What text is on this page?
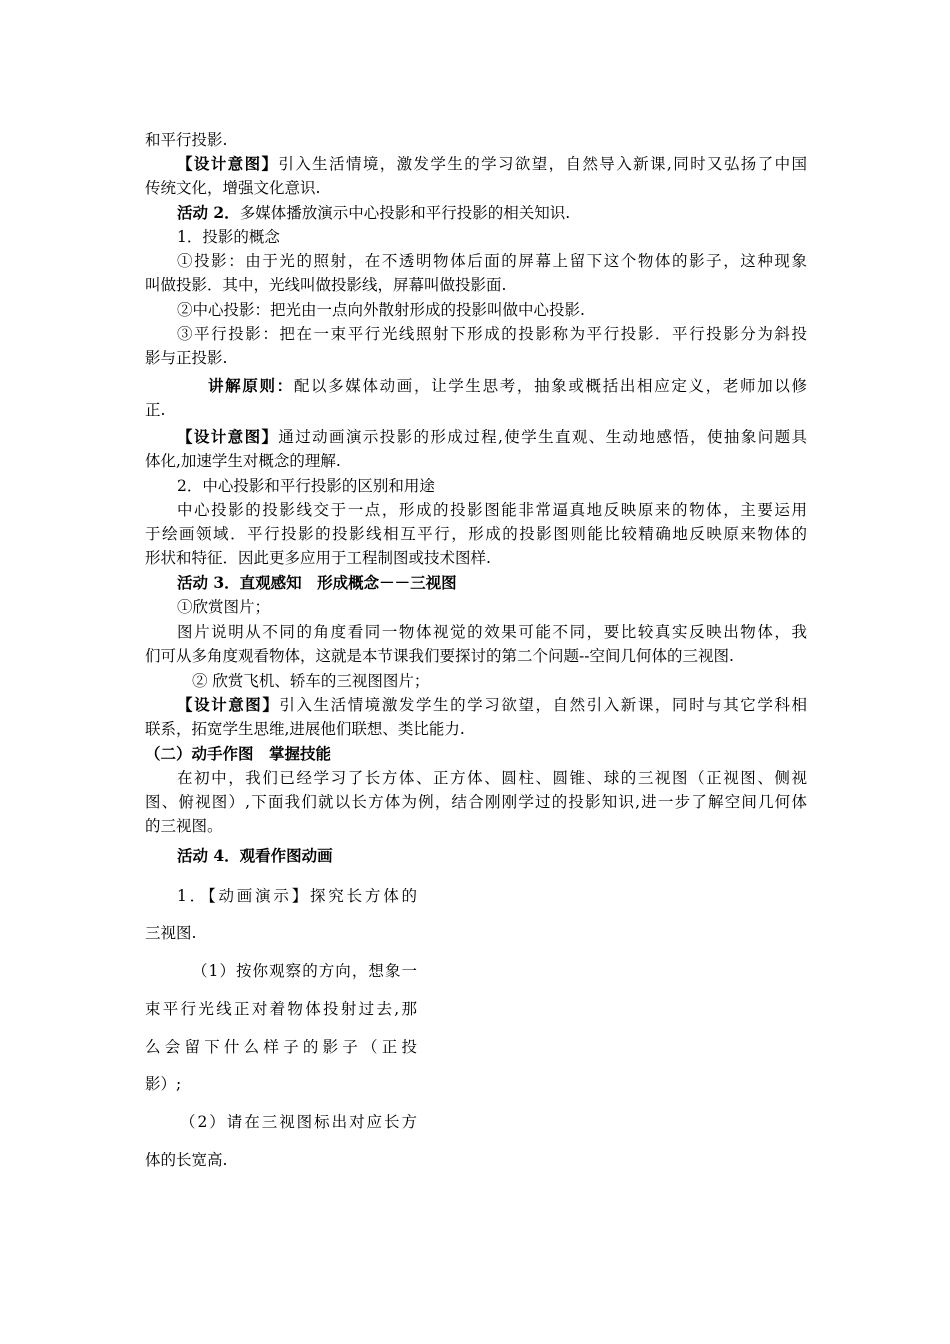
和平行投影.
【设计意图】引入生活情境，激发学生的学习欲望，自然导入新课,同时又弘扬了中国
传统文化，增强文化意识.
活动 2．多媒体播放演示中心投影和平行投影的相关知识.
1．投影的概念
①投影：由于光的照射，在不透明物体后面的屏幕上留下这个物体的影子，这种现象
叫做投影．其中，光线叫做投影线，屏幕叫做投影面.
②中心投影：把光由一点向外散射形成的投影叫做中心投影.
③平行投影：把在一束平行光线照射下形成的投影称为平行投影．平行投影分为斜投
影与正投影.
讲解原则：配以多媒体动画，让学生思考，抽象或概括出相应定义，老师加以修
正.
【设计意图】通过动画演示投影的形成过程,使学生直观、生动地感悟，使抽象问题具
体化,加速学生对概念的理解.
2．中心投影和平行投影的区别和用途
中心投影的投影线交于一点，形成的投影图能非常逼真地反映原来的物体，主要运用
于绘画领域．平行投影的投影线相互平行，形成的投影图则能比较精确地反映原来物体的
形状和特征．因此更多应用于工程制图或技术图样.
活动 3．直观感知　形成概念－－三视图
①欣赏图片；
图片说明从不同的角度看同一物体视觉的效果可能不同，要比较真实反映出物体，我
们可从多角度观看物体，这就是本节课我们要探讨的第二个问题--空间几何体的三视图.
② 欣赏飞机、轿车的三视图图片；
【设计意图】引入生活情境激发学生的学习欲望，自然引入新课，同时与其它学科相
联系，拓宽学生思维,进展他们联想、类比能力.
（二）动手作图　掌握技能
在初中，我们已经学习了长方体、正方体、圆柱、圆锥、球的三视图（正视图、侧视
图、俯视图）,下面我们就以长方体为例，结合刚刚学过的投影知识,进一步了解空间几何体
的三视图。
活动 4．观看作图动画
1．【动画演示】探究长方体的
三视图.
（1）按你观察的方向，想象一
束平行光线正对着物体投射过去,那
么会留下什么样子的影子（正投
影）;
（2）请在三视图标出对应长方
体的长宽高.
